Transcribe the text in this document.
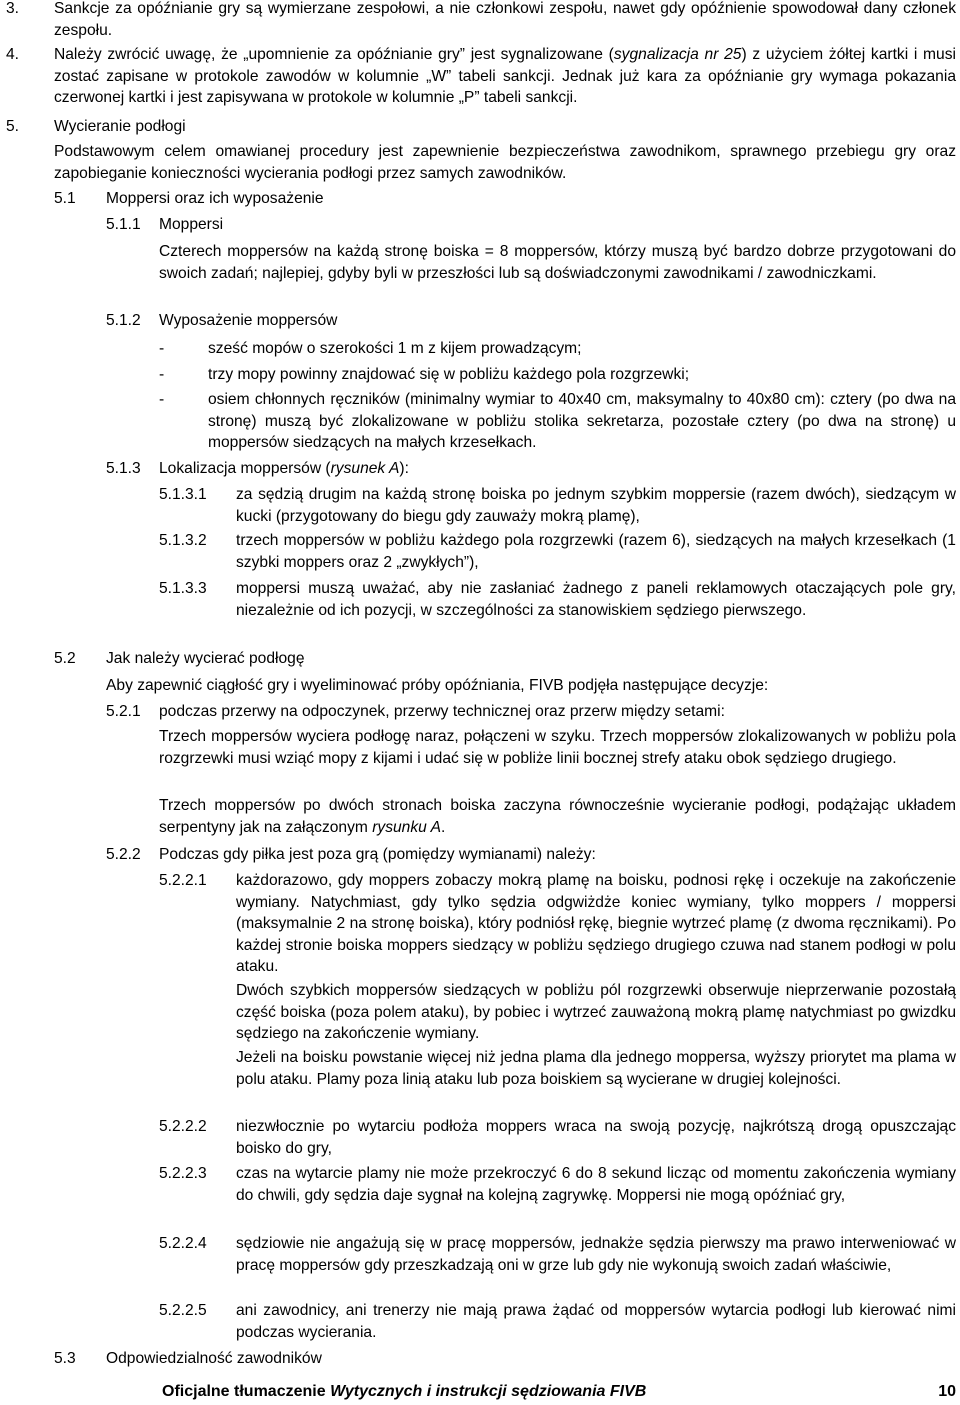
3.	Sankcje za opóźnianie gry są wymierzane zespołowi, a nie członkowi zespołu, nawet gdy opóźnienie spowodował dany członek zespołu.
4.	Należy zwrócić uwagę, że „upomnienie za opóźnianie gry” jest sygnalizowane (sygnalizacja nr 25) z użyciem żółtej kartki i musi zostać zapisane w protokole zawodów w kolumnie „W” tabeli sankcji. Jednak już kara za opóźnianie gry wymaga pokazania czerwonej kartki i jest zapisywana w protokole w kolumnie „P” tabeli sankcji.
5.	Wycieranie podłogi

Podstawowym celem omawianej procedury jest zapewnienie bezpieczeństwa zawodnikom, sprawnego przebiegu gry oraz zapobieganie konieczności wycierania podłogi przez samych zawodników.

5.1	Moppersi oraz ich wyposażenie
5.1.1	Moppersi

Czterech moppersów na każdą stronę boiska = 8 moppersów, którzy muszą być bardzo dobrze przygotowani do swoich zadań; najlepiej, gdyby byli w przeszłości lub są doświadczonymi zawodnikami / zawodniczkami.

5.1.2	Wyposażenie moppersów
-	sześć mopów o szerokości 1 m z kijem prowadzącym;
-	trzy mopy powinny znajdować się w pobliżu każdego pola rozgrzewki;
-	osiem chłonnych ręczników (minimalny wymiar to 40x40 cm, maksymalny to 40x80 cm): cztery (po dwa na stronę) muszą być zlokalizowane w pobliżu stolika sekretarza, pozostałe cztery (po dwa na stronę) u moppersów siedzących na małych krzesełkach.
5.1.3	Lokalizacja moppersów (rysunek A):
5.1.3.1	za sędzią drugim na każdą stronę boiska po jednym szybkim moppersie (razem dwóch), siedzącym w kucki (przygotowany do biegu gdy zauważy mokrą plamę),
5.1.3.2	trzech moppersów w pobliżu każdego pola rozgrzewki (razem 6), siedzących na małych krzesełkach (1 szybki moppers oraz 2 „zwykłych”),
5.1.3.3	moppersi muszą uważać, aby nie zasłaniać żadnego z paneli reklamowych otaczających pole gry, niezależnie od ich pozycji, w szczególności za stanowiskiem sędziego pierwszego.
5.2	Jak należy wycierać podłogę

Aby zapewnić ciągłość gry i wyeliminować próby opóźniania, FIVB podjęła następujące decyzje:

5.2.1	podczas przerwy na odpoczynek, przerwy technicznej oraz przerw między setami:

Trzech moppersów wyciera podłogę naraz, połączeni w szyku. Trzech moppersów zlokalizowanych w pobliżu pola rozgrzewki musi wziąć mopy z kijami i udać się w pobliże linii bocznej strefy ataku obok sędziego drugiego.

Trzech moppersów po dwóch stronach boiska zaczyna równocześnie wycieranie podłogi, podążając układem serpentyny jak na załączonym rysunku A.

5.2.2	Podczas gdy piłka jest poza grą (pomiędzy wymianami) należy:
5.2.2.1	każdorazowo, gdy moppers zobaczy mokrą plamę na boisku, podnosi rękę i oczekuje na zakończenie wymiany. Natychmiast, gdy tylko sędzia odgwiżdże koniec wymiany, tylko moppers / moppersi (maksymalnie 2 na stronę boiska), który podniósł rękę, biegnie wytrzeć plamę (z dwoma ręcznikami). Po każdej stronie boiska moppers siedzący w pobliżu sędziego drugiego czuwa nad stanem podłogi w polu ataku.

Dwóch szybkich moppersów siedzących w pobliżu pól rozgrzewki obserwuje nieprzerwanie pozostałą część boiska (poza polem ataku), by pobiec i wytrzeć zauważoną mokrą plamę natychmiast po gwizdku sędziego na zakończenie wymiany.

Jeżeli na boisku powstanie więcej niż jedna plama dla jednego moppersa, wyższy priorytet ma plama w polu ataku. Plamy poza linią ataku lub poza boiskiem są wycierane w drugiej kolejności.

5.2.2.2	niezwłocznie po wytarciu podłoża moppers wraca na swoją pozycję, najkrótszą drogą opuszczając boisko do gry,
5.2.2.3	czas na wytarcie plamy nie może przekroczyć 6 do 8 sekund licząc od momentu zakończenia wymiany do chwili, gdy sędzia daje sygnał na kolejną zagrywkę. Moppersi nie mogą opóźniać gry,
5.2.2.4	sędziowie nie angażują się w pracę moppersów, jednakże sędzia pierwszy ma prawo interweniować w pracę moppersów gdy przeszkadzają oni w grze lub gdy nie wykonują swoich zadań właściwie,
5.2.2.5	ani zawodnicy, ani trenerzy nie mają prawa żądać od moppersów wytarcia podłogi lub kierować nimi podczas wycierania.
5.3	Odpowiedzialność zawodników
Oficjalne tłumaczenie Wytycznych i instrukcji sędziowania FIVB	10
